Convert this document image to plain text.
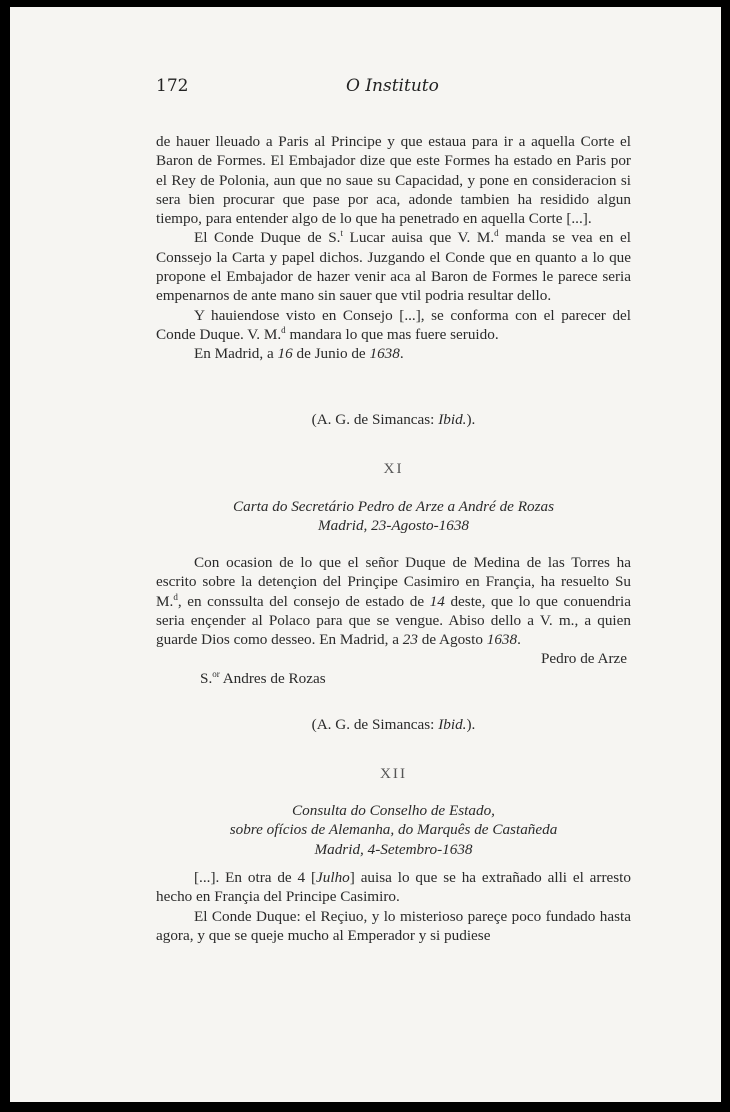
172	O Instituto

de hauer lleuado a Paris al Principe y que estaua para ir a aquella Corte el Baron de Formes. El Embajador dize que este Formes ha estado en Paris por el Rey de Polonia, aun que no saue su Capacidad, y pone en consideracion si sera bien procurar que pase por aca, adonde tambien ha residido algun tiempo, para entender algo de lo que ha penetrado en aquella Corte [...].

El Conde Duque de S.$^t$ Lucar auisa que V. M.$^d$ manda se vea en el Conssejo la Carta y papel dichos. Juzgando el Conde que en quanto a lo que propone el Embajador de hazer venir aca al Baron de Formes le parece seria empenarnos de ante mano sin sauer que vtil podria resultar dello.

Y hauiendose visto en Consejo [...], se conforma con el parecer del Conde Duque. V. M.$^d$ mandara lo que mas fuere seruido.

En Madrid, a 16 de Junio de 1638.

(A. G. de Simancas: Ibid.).
XI
Carta do Secretário Pedro de Arze a André de Rozas
Madrid, 23-Agosto-1638

Con ocasion de lo que el señor Duque de Medina de las Torres ha escrito sobre la detençion del Prinçipe Casimiro en Françia, ha resuelto Su M.$^d$, en conssulta del consejo de estado de 14 deste, que lo que conuendria seria ençender al Polaco para que se vengue. Abiso dello a V. m., a quien guarde Dios como desseo. En Madrid, a 23 de Agosto 1638.

Pedro de Arze

S.$^{or}$ Andres de Rozas

(A. G. de Simancas: Ibid.).
XII
Consulta do Conselho de Estado,
sobre ofícios de Alemanha, do Marquês de Castañeda
Madrid, 4-Setembro-1638

[...]. En otra de 4 [Julho] auisa lo que se ha extrañado alli el arresto hecho en Françia del Principe Casimiro.

El Conde Duque: el Reçiuo, y lo misterioso pareçe poco fundado hasta agora, y que se queje mucho al Emperador y si pudiese
